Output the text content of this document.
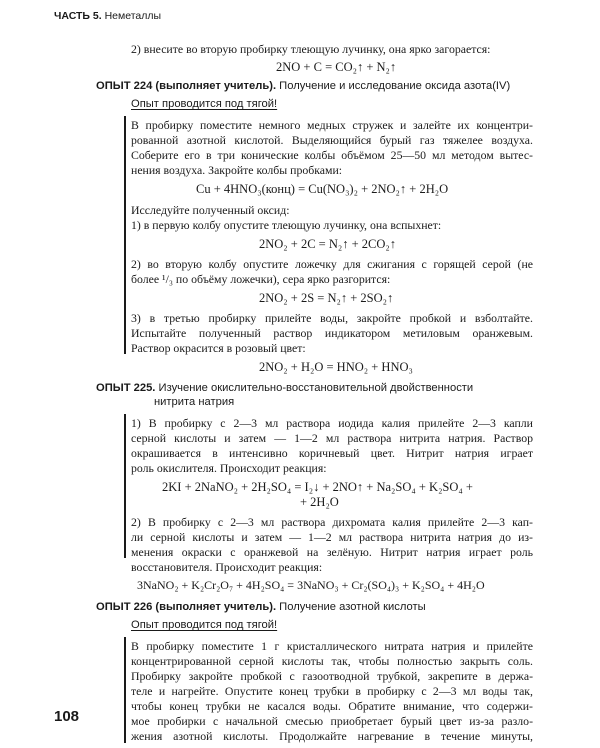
ЧАСТЬ 5. Неметаллы
2) внесите во вторую пробирку тлеющую лучинку, она ярко загорается:
2NO + C = CO₂↑ + N₂↑
ОПЫТ 224 (выполняет учитель). Получение и исследование оксида азота(IV)
Опыт проводится под тягой!
В пробирку поместите немного медных стружек и залейте их концентри-
рованной азотной кислотой. Выделяющийся бурый газ тяжелее воздуха.
Соберите его в три конические колбы объёмом 25—50 мл методом вытес-
нения воздуха. Закройте колбы пробками:
Cu + 4HNO₃(конц) = Cu(NO₃)₂ + 2NO₂↑ + 2H₂O
Исследуйте полученный оксид:
1) в первую колбу опустите тлеющую лучинку, она вспыхнет:
2NO₂ + 2C = N₂↑ + 2CO₂↑
2) во вторую колбу опустите ложечку для сжигания с горящей серой (не
более ¹/₃ по объёму ложечки), сера ярко разгорится:
2NO₂ + 2S = N₂↑ + 2SO₂↑
3) в третью пробирку прилейте воды, закройте пробкой и взболтайте.
Испытайте полученный раствор индикатором метиловым оранжевым.
Раствор окрасится в розовый цвет:
2NO₂ + H₂O = HNO₂ + HNO₃
ОПЫТ 225. Изучение окислительно-восстановительной двойственности
нитрита натрия
1) В пробирку с 2—3 мл раствора иодида калия прилейте 2—3 капли
серной кислоты и затем — 1—2 мл раствора нитрита натрия. Раствор
окрашивается в интенсивно коричневый цвет. Нитрит натрия играет
роль окислителя. Происходит реакция:
2KI + 2NaNO₂ + 2H₂SO₄ = I₂↓ + 2NO↑ + Na₂SO₄ + K₂SO₄ +
+ 2H₂O
2) В пробирку с 2—3 мл раствора дихромата калия прилейте 2—3 кап-
ли серной кислоты и затем — 1—2 мл раствора нитрита натрия до из-
менения окраски с оранжевой на зелёную. Нитрит натрия играет роль
восстановителя. Происходит реакция:
3NaNO₂ + K₂Cr₂O₇ + 4H₂SO₄ = 3NaNO₃ + Cr₂(SO₄)₃ + K₂SO₄ + 4H₂O
ОПЫТ 226 (выполняет учитель). Получение азотной кислоты
Опыт проводится под тягой!
В пробирку поместите 1 г кристаллического нитрата натрия и прилейте
концентрированной серной кислоты так, чтобы полностью закрыть соль.
Пробирку закройте пробкой с газоотводной трубкой, закрепите в держа-
теле и нагрейте. Опустите конец трубки в пробирку с 2—3 мл воды так,
чтобы конец трубки не касался воды. Обратите внимание, что содержи-
мое пробирки с начальной смесью приобретает бурый цвет из-за разло-
жения азотной кислоты. Продолжайте нагревание в течение минуты,
108
